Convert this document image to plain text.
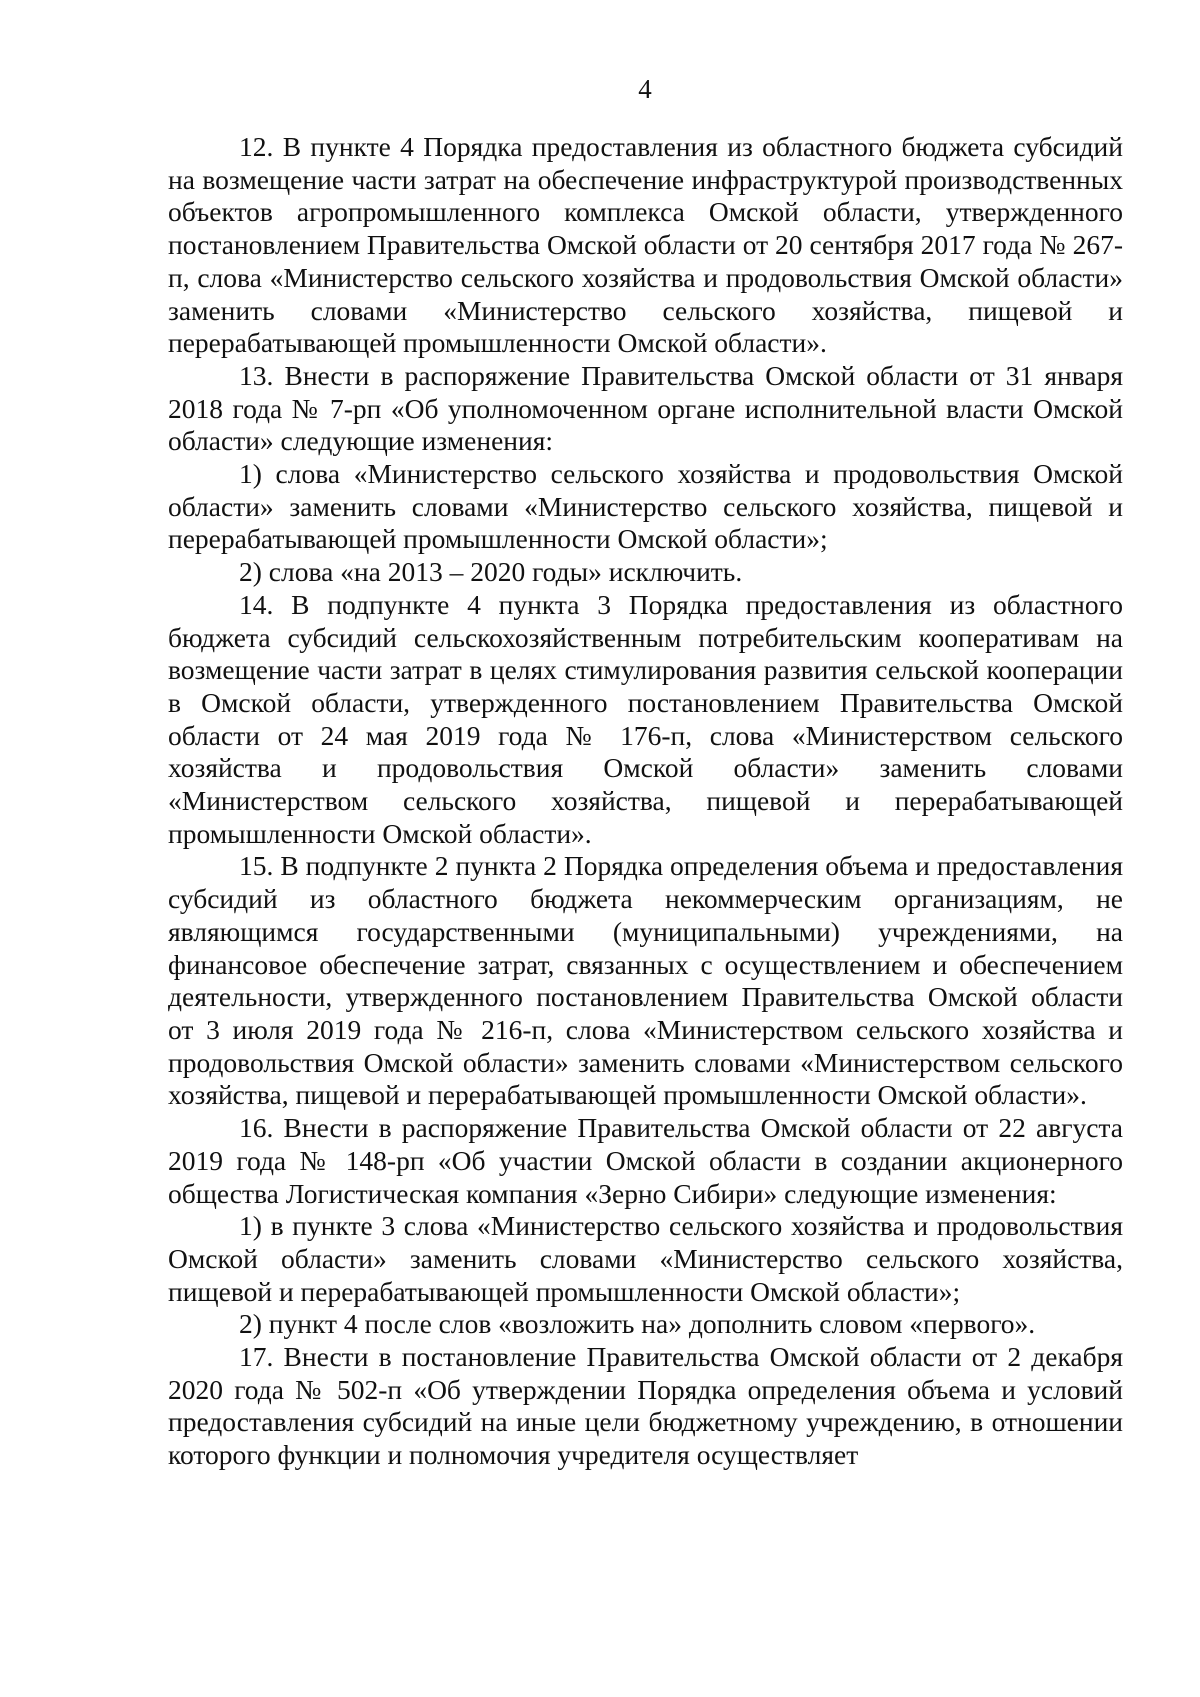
4

12. В пункте 4 Порядка предоставления из областного бюджета субсидий на возмещение части затрат на обеспечение инфраструктурой производственных объектов агропромышленного комплекса Омской области, утвержденного постановлением Правительства Омской области от 20 сентября 2017 года № 267-п, слова «Министерство сельского хозяйства и продовольствия Омской области» заменить словами «Министерство сельского хозяйства, пищевой и перерабатывающей промышленности Омской области».

13. Внести в распоряжение Правительства Омской области от 31 января 2018 года № 7-рп «Об уполномоченном органе исполнительной власти Омской области» следующие изменения:

1) слова «Министерство сельского хозяйства и продовольствия Омской области» заменить словами «Министерство сельского хозяйства, пищевой и перерабатывающей промышленности Омской области»;

2) слова «на 2013 – 2020 годы» исключить.

14. В подпункте 4 пункта 3 Порядка предоставления из областного бюджета субсидий сельскохозяйственным потребительским кооперативам на возмещение части затрат в целях стимулирования развития сельской кооперации в Омской области, утвержденного постановлением Правительства Омской области от 24 мая 2019 года № 176-п, слова «Министерством сельского хозяйства и продовольствия Омской области» заменить словами «Министерством сельского хозяйства, пищевой и перерабатывающей промышленности Омской области».

15. В подпункте 2 пункта 2 Порядка определения объема и предоставления субсидий из областного бюджета некоммерческим организациям, не являющимся государственными (муниципальными) учреждениями, на финансовое обеспечение затрат, связанных с осуществлением и обеспечением деятельности, утвержденного постановлением Правительства Омской области от 3 июля 2019 года № 216-п, слова «Министерством сельского хозяйства и продовольствия Омской области» заменить словами «Министерством сельского хозяйства, пищевой и перерабатывающей промышленности Омской области».

16. Внести в распоряжение Правительства Омской области от 22 августа 2019 года № 148-рп «Об участии Омской области в создании акционерного общества Логистическая компания «Зерно Сибири» следующие изменения:

1) в пункте 3 слова «Министерство сельского хозяйства и продовольствия Омской области» заменить словами «Министерство сельского хозяйства, пищевой и перерабатывающей промышленности Омской области»;

2) пункт 4 после слов «возложить на» дополнить словом «первого».

17. Внести в постановление Правительства Омской области от 2 декабря 2020 года № 502-п «Об утверждении Порядка определения объема и условий предоставления субсидий на иные цели бюджетному учреждению, в отношении которого функции и полномочия учредителя осуществляет
